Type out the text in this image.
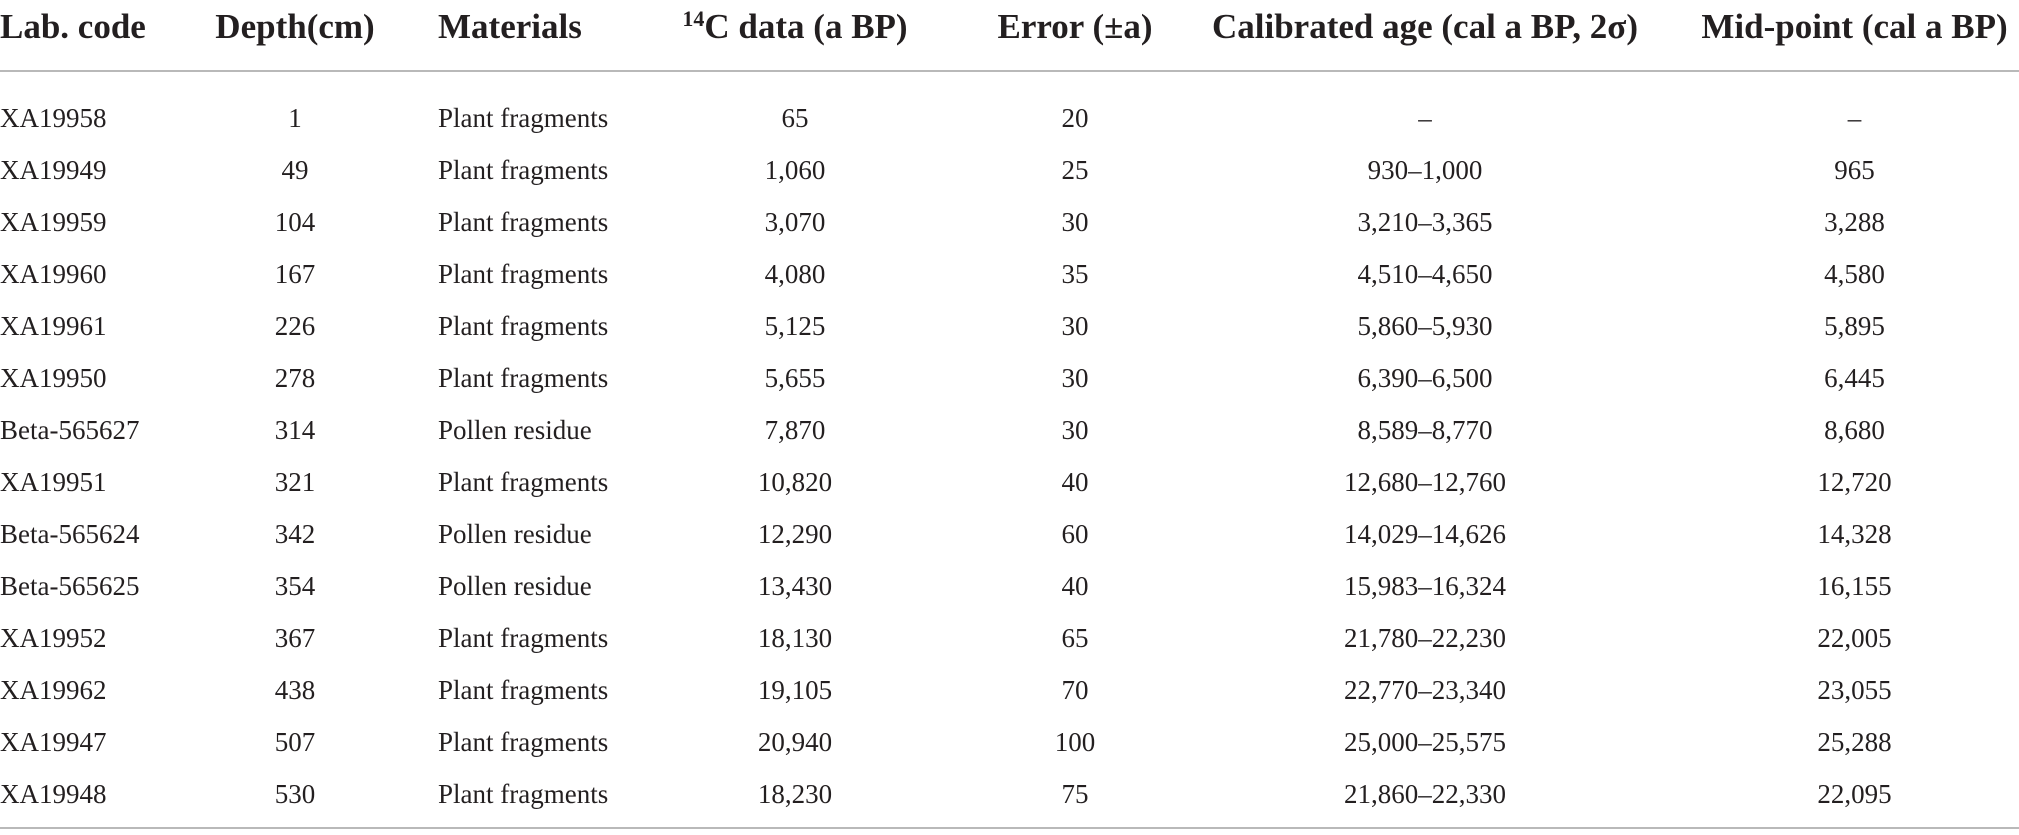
Lab. code	Depth(cm)	Materials	$^{14}$C data (a BP)	Error (±a)	Calibrated age (cal a BP, 2σ)	Mid-point (cal a BP)
XA19958	1	Plant fragments	65	20	–	–
XA19949	49	Plant fragments	1,060	25	930–1,000	965
XA19959	104	Plant fragments	3,070	30	3,210–3,365	3,288
XA19960	167	Plant fragments	4,080	35	4,510–4,650	4,580
XA19961	226	Plant fragments	5,125	30	5,860–5,930	5,895
XA19950	278	Plant fragments	5,655	30	6,390–6,500	6,445
Beta-565627	314	Pollen residue	7,870	30	8,589–8,770	8,680
XA19951	321	Plant fragments	10,820	40	12,680–12,760	12,720
Beta-565624	342	Pollen residue	12,290	60	14,029–14,626	14,328
Beta-565625	354	Pollen residue	13,430	40	15,983–16,324	16,155
XA19952	367	Plant fragments	18,130	65	21,780–22,230	22,005
XA19962	438	Plant fragments	19,105	70	22,770–23,340	23,055
XA19947	507	Plant fragments	20,940	100	25,000–25,575	25,288
XA19948	530	Plant fragments	18,230	75	21,860–22,330	22,095
